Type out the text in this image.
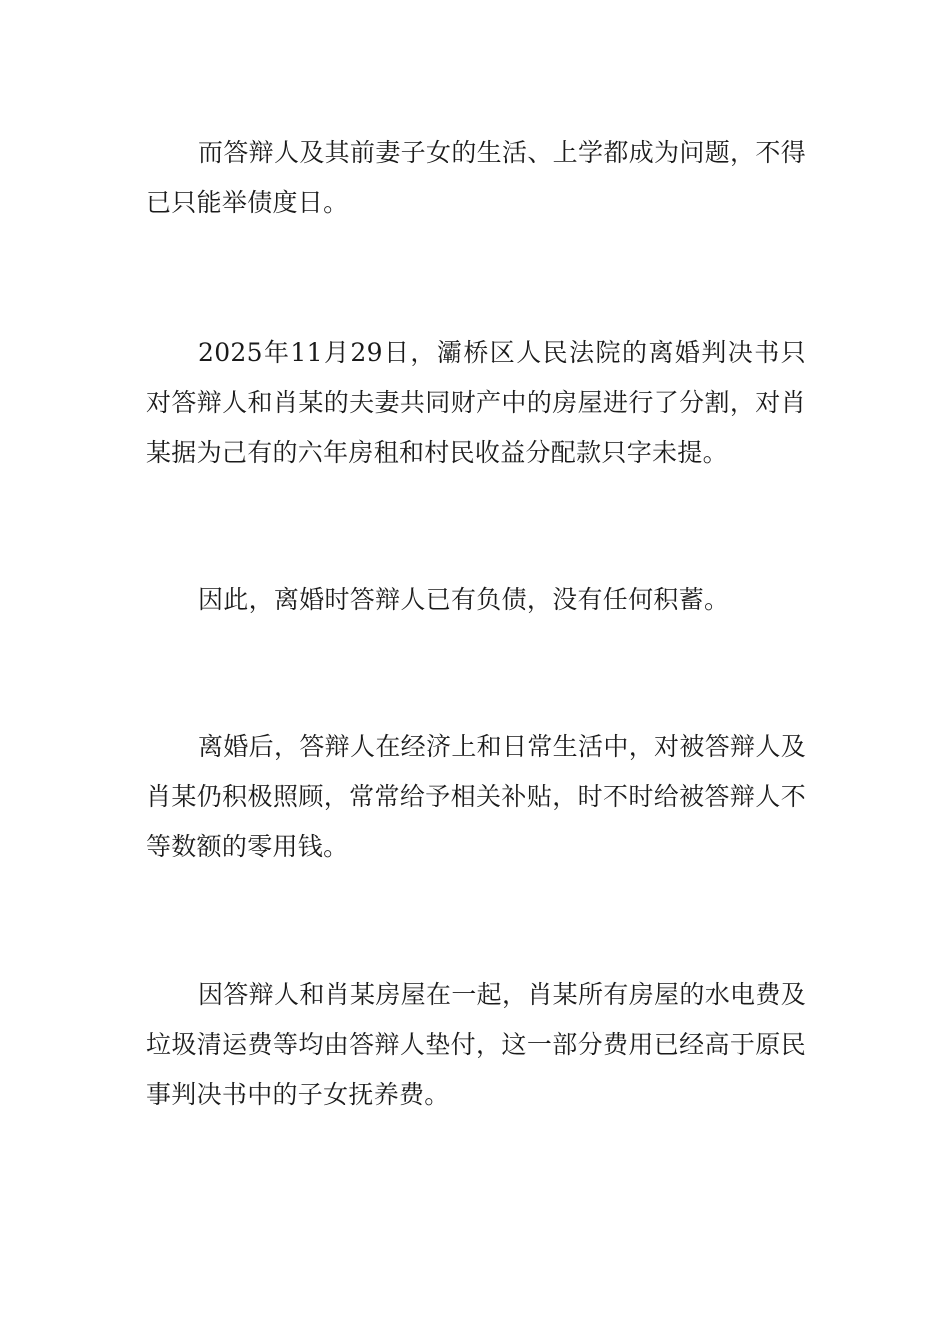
而答辩人及其前妻子女的生活、上学都成为问题，不得已只能举债度日。

2025年11月29日，灞桥区人民法院的离婚判决书只对答辩人和肖某的夫妻共同财产中的房屋进行了分割，对肖某据为己有的六年房租和村民收益分配款只字未提。

因此，离婚时答辩人已有负债，没有任何积蓄。

离婚后，答辩人在经济上和日常生活中，对被答辩人及肖某仍积极照顾，常常给予相关补贴，时不时给被答辩人不等数额的零用钱。

因答辩人和肖某房屋在一起，肖某所有房屋的水电费及垃圾清运费等均由答辩人垫付，这一部分费用已经高于原民事判决书中的子女抚养费。
